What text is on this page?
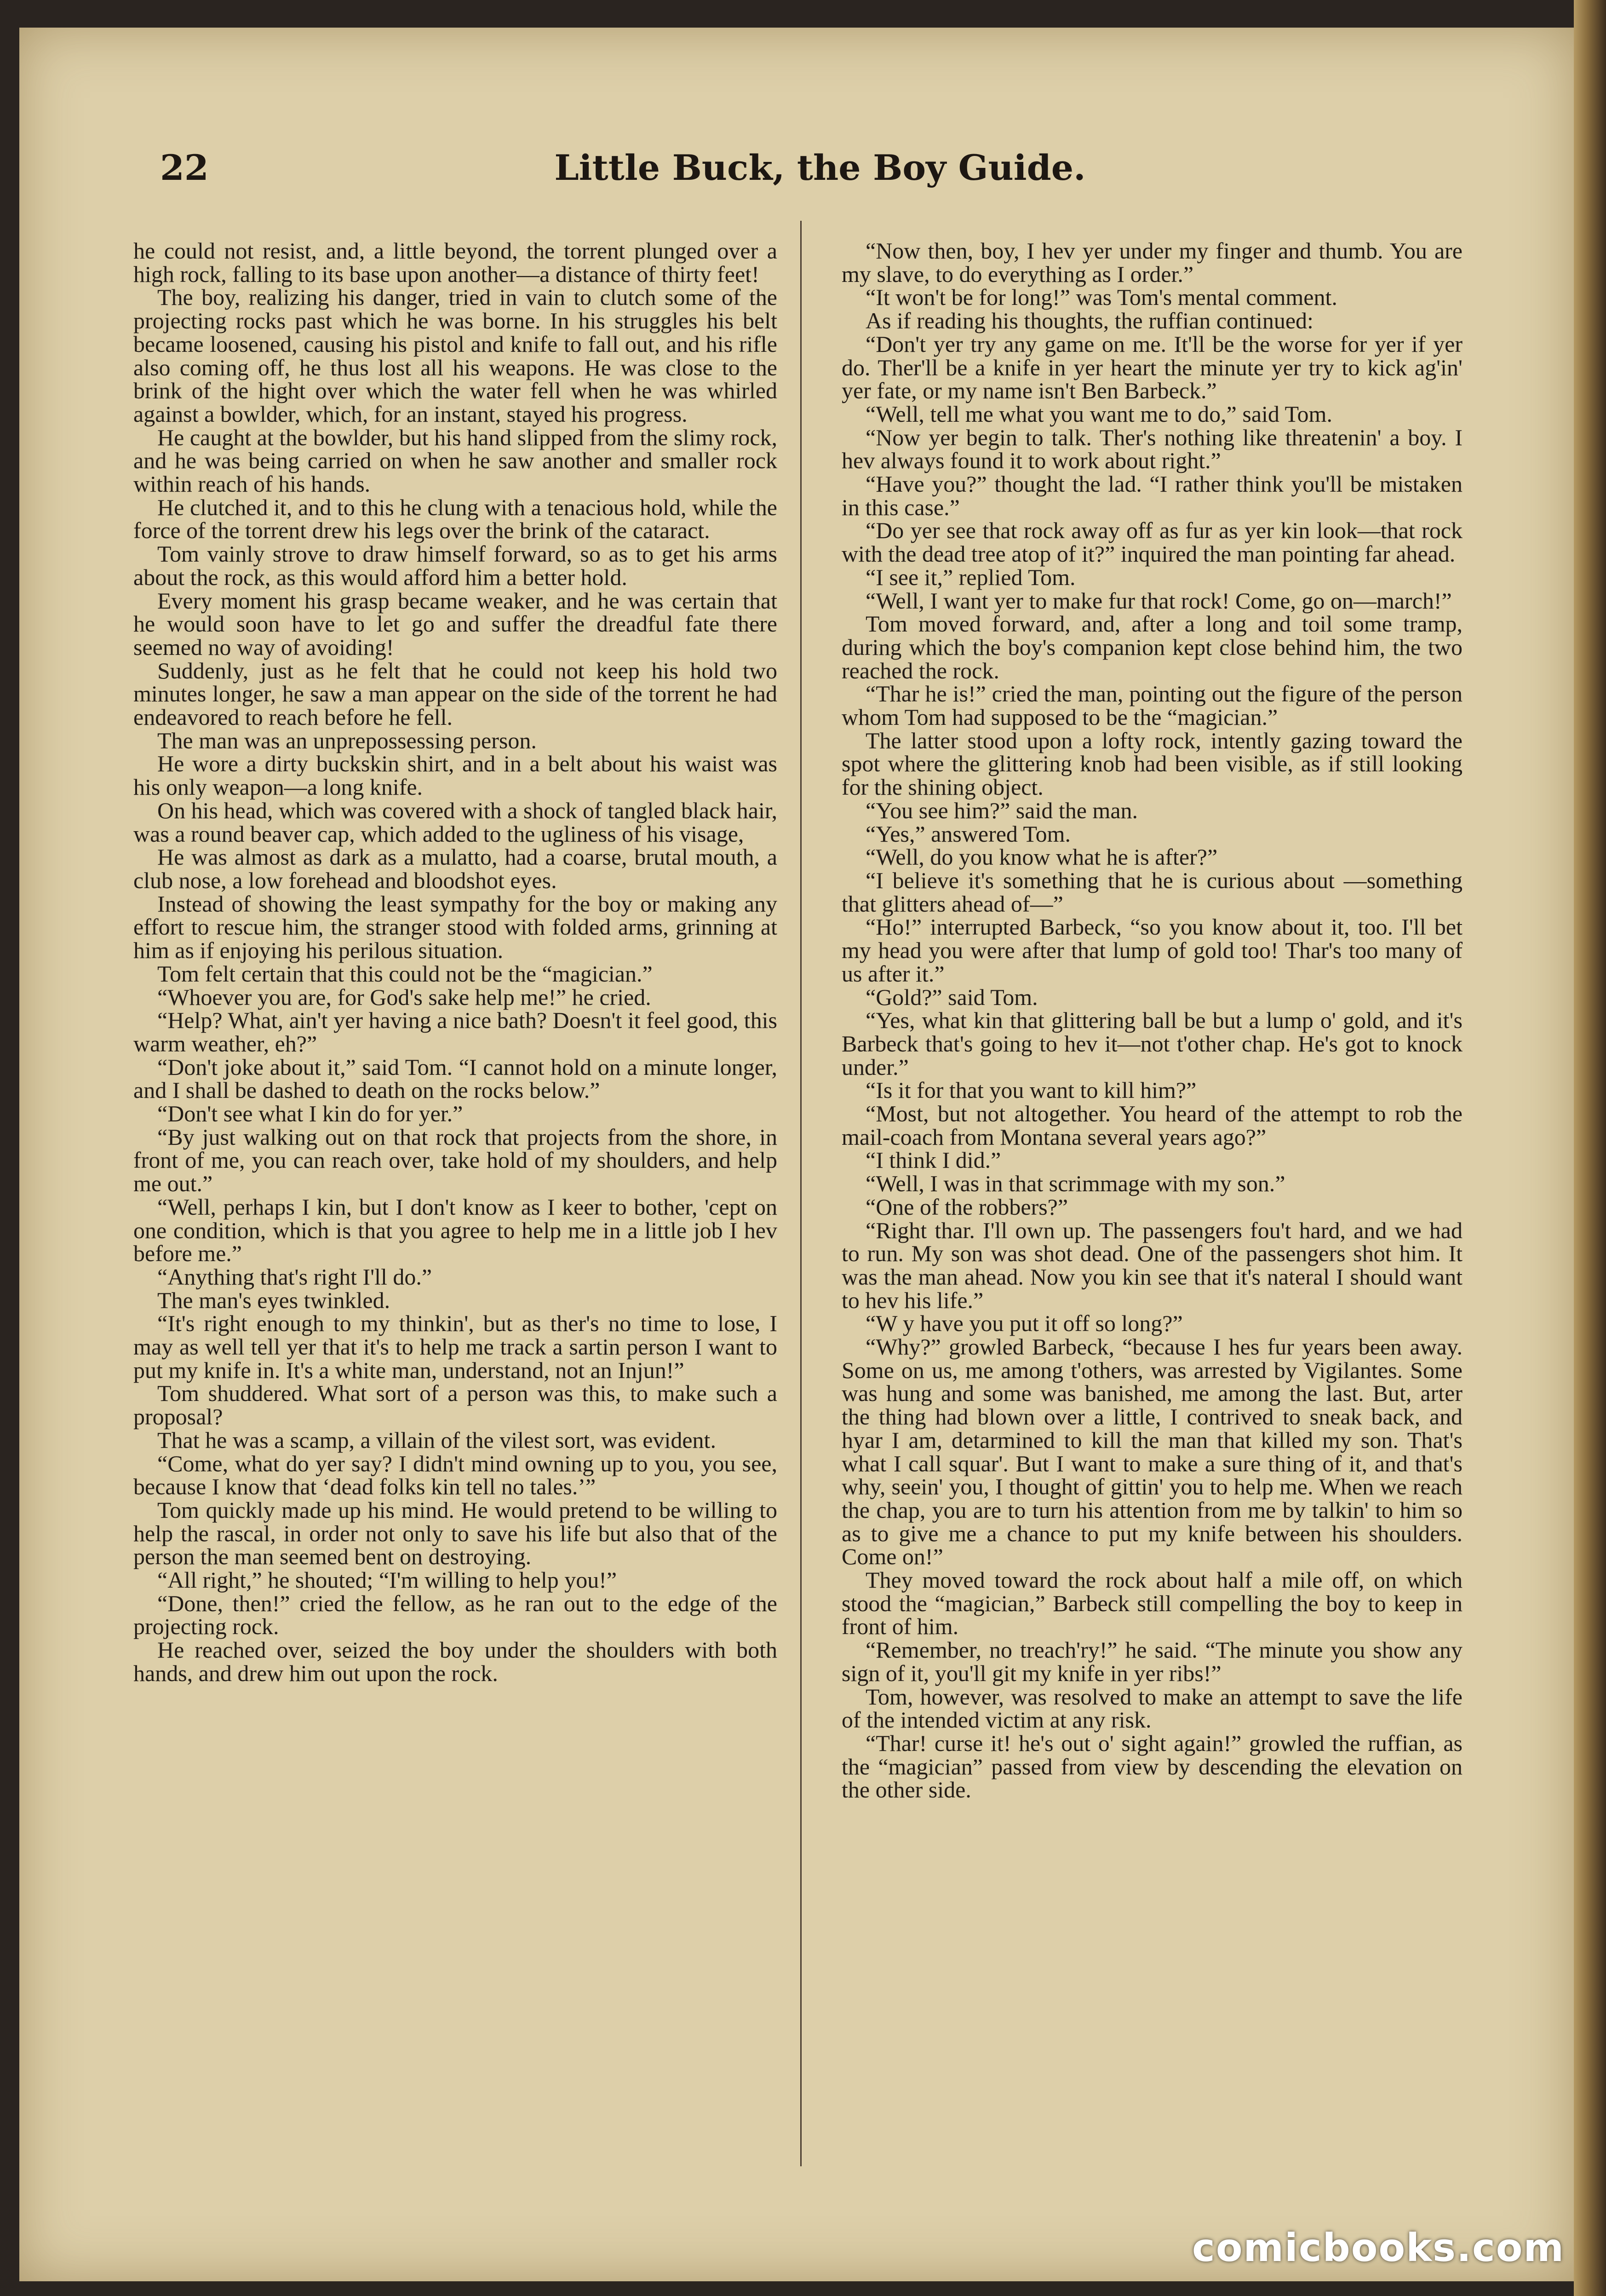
22	Little Buck, the Boy Guide.

he could not resist, and, a little beyond, the torrent plunged over a high rock, falling to its base upon another—a distance of thirty feet!

The boy, realizing his danger, tried in vain to clutch some of the projecting rocks past which he was borne. In his struggles his belt became loosened, causing his pistol and knife to fall out, and his rifle also coming off, he thus lost all his weapons. He was close to the brink of the hight over which the water fell when he was whirled against a bowlder, which, for an instant, stayed his progress.

He caught at the bowlder, but his hand slipped from the slimy rock, and he was being carried on when he saw another and smaller rock within reach of his hands.

He clutched it, and to this he clung with a tenacious hold, while the force of the torrent drew his legs over the brink of the cataract.

Tom vainly strove to draw himself forward, so as to get his arms about the rock, as this would afford him a better hold.

Every moment his grasp became weaker, and he was certain that he would soon have to let go and suffer the dreadful fate there seemed no way of avoiding!

Suddenly, just as he felt that he could not keep his hold two minutes longer, he saw a man appear on the side of the torrent he had endeavored to reach before he fell.

The man was an unprepossessing person.

He wore a dirty buckskin shirt, and in a belt about his waist was his only weapon—a long knife.

On his head, which was covered with a shock of tangled black hair, was a round beaver cap, which added to the ugliness of his visage,

He was almost as dark as a mulatto, had a coarse, brutal mouth, a club nose, a low forehead and bloodshot eyes.

Instead of showing the least sympathy for the boy or making any effort to rescue him, the stranger stood with folded arms, grinning at him as if enjoying his perilous situation.

Tom felt certain that this could not be the “magician.”

“Whoever you are, for God's sake help me!” he cried.

“Help? What, ain't yer having a nice bath? Doesn't it feel good, this warm weather, eh?”

“Don't joke about it,” said Tom. “I cannot hold on a minute longer, and I shall be dashed to death on the rocks below.”

“Don't see what I kin do for yer.”

“By just walking out on that rock that projects from the shore, in front of me, you can reach over, take hold of my shoulders, and help me out.”

“Well, perhaps I kin, but I don't know as I keer to bother, 'cept on one condition, which is that you agree to help me in a little job I hev before me.”

“Anything that's right I'll do.”

The man's eyes twinkled.

“It's right enough to my thinkin', but as ther's no time to lose, I may as well tell yer that it's to help me track a sartin person I want to put my knife in. It's a white man, understand, not an Injun!”

Tom shuddered. What sort of a person was this, to make such a proposal?

That he was a scamp, a villain of the vilest sort, was evident.

“Come, what do yer say? I didn't mind owning up to you, you see, because I know that ‘dead folks kin tell no tales.’”

Tom quickly made up his mind. He would pretend to be willing to help the rascal, in order not only to save his life but also that of the person the man seemed bent on destroying.

“All right,” he shouted; “I'm willing to help you!”

“Done, then!” cried the fellow, as he ran out to the edge of the projecting rock.

He reached over, seized the boy under the shoulders with both hands, and drew him out upon the rock.

“Now then, boy, I hev yer under my finger and thumb. You are my slave, to do everything as I order.”

“It won't be for long!” was Tom's mental comment.

As if reading his thoughts, the ruffian continued:

“Don't yer try any game on me. It'll be the worse for yer if yer do. Ther'll be a knife in yer heart the minute yer try to kick ag'in' yer fate, or my name isn't Ben Barbeck.”

“Well, tell me what you want me to do,” said Tom.

“Now yer begin to talk. Ther's nothing like threatenin' a boy. I hev always found it to work about right.”

“Have you?” thought the lad. “I rather think you'll be mistaken in this case.”

“Do yer see that rock away off as fur as yer kin look—that rock with the dead tree atop of it?” inquired the man pointing far ahead.

“I see it,” replied Tom.

“Well, I want yer to make fur that rock! Come, go on—march!”

Tom moved forward, and, after a long and toil some tramp, during which the boy's companion kept close behind him, the two reached the rock.

“Thar he is!” cried the man, pointing out the figure of the person whom Tom had supposed to be the “magician.”

The latter stood upon a lofty rock, intently gazing toward the spot where the glittering knob had been visible, as if still looking for the shining object.

“You see him?” said the man.

“Yes,” answered Tom.

“Well, do you know what he is after?”

“I believe it's something that he is curious about —something that glitters ahead of—”

“Ho!” interrupted Barbeck, “so you know about it, too. I'll bet my head you were after that lump of gold too! Thar's too many of us after it.”

“Gold?” said Tom.

“Yes, what kin that glittering ball be but a lump o' gold, and it's Barbeck that's going to hev it—not t'other chap. He's got to knock under.”

“Is it for that you want to kill him?”

“Most, but not altogether. You heard of the attempt to rob the mail-coach from Montana several years ago?”

“I think I did.”

“Well, I was in that scrimmage with my son.”

“One of the robbers?”

“Right thar. I'll own up. The passengers fou't hard, and we had to run. My son was shot dead. One of the passengers shot him. It was the man ahead. Now you kin see that it's nateral I should want to hev his life.”

“W y have you put it off so long?”

“Why?” growled Barbeck, “because I hes fur years been away. Some on us, me among t'others, was arrested by Vigilantes. Some was hung and some was banished, me among the last. But, arter the thing had blown over a little, I contrived to sneak back, and hyar I am, detarmined to kill the man that killed my son. That's what I call squar'. But I want to make a sure thing of it, and that's why, seein' you, I thought of gittin' you to help me. When we reach the chap, you are to turn his attention from me by talkin' to him so as to give me a chance to put my knife between his shoulders. Come on!”

They moved toward the rock about half a mile off, on which stood the “magician,” Barbeck still compelling the boy to keep in front of him.

“Remember, no treach'ry!” he said. “The minute you show any sign of it, you'll git my knife in yer ribs!”

Tom, however, was resolved to make an attempt to save the life of the intended victim at any risk.

“Thar! curse it! he's out o' sight again!” growled the ruffian, as the “magician” passed from view by descending the elevation on the other side.

comicbooks.com
